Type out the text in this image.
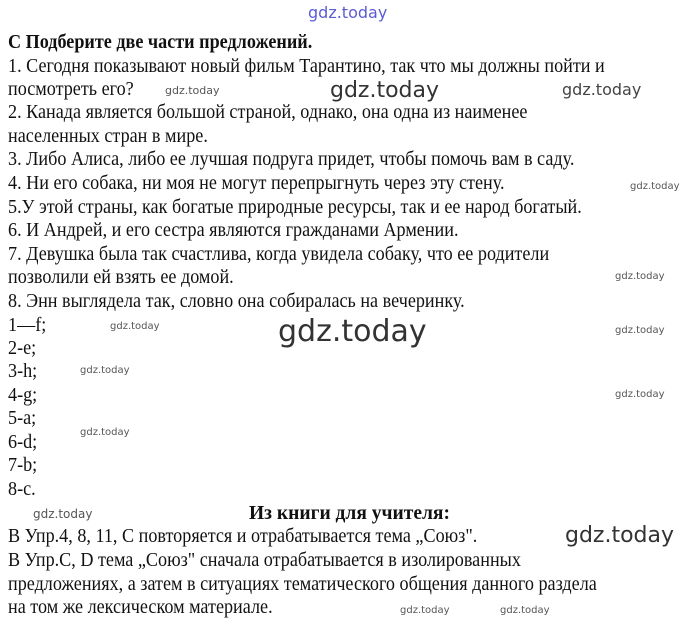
gdz.today
С Подберите две части предложений.
1. Сегодня показывают новый фильм Тарантино, так что мы должны пойти и
посмотреть его?
2. Канада является большой страной, однако, она одна из наименее
населенных стран в мире.
3. Либо Алиса, либо ее лучшая подруга придет, чтобы помочь вам в саду.
4. Ни его собака, ни моя не могут перепрыгнуть через эту стену.
5.У этой страны, как богатые природные ресурсы, так и ее народ богатый.
6. И Андрей, и его сестра являются гражданами Армении.
7. Девушка была так счастлива, когда увидела собаку, что ее родители
позволили ей взять ее домой.
8. Энн выглядела так, словно она собиралась на вечеринку.
1—f;
2-e;
3-h;
4-g;
5-a;
6-d;
7-b;
8-c.
Из книги для учителя:
В Упр.4, 8, 11, С повторяется и отрабатывается тема „Союз".
В Упр.С, D тема „Союз" сначала отрабатывается в изолированных
предложениях, а затем в ситуациях тематического общения данного раздела
на том же лексическом материале.
gdz.today	gdz.today	gdz.today
gdz.today
gdz.today
gdz.today	gdz.today	gdz.today
gdz.today
gdz.today
gdz.today
gdz.today
gdz.today	gdz.today
gdz.today
